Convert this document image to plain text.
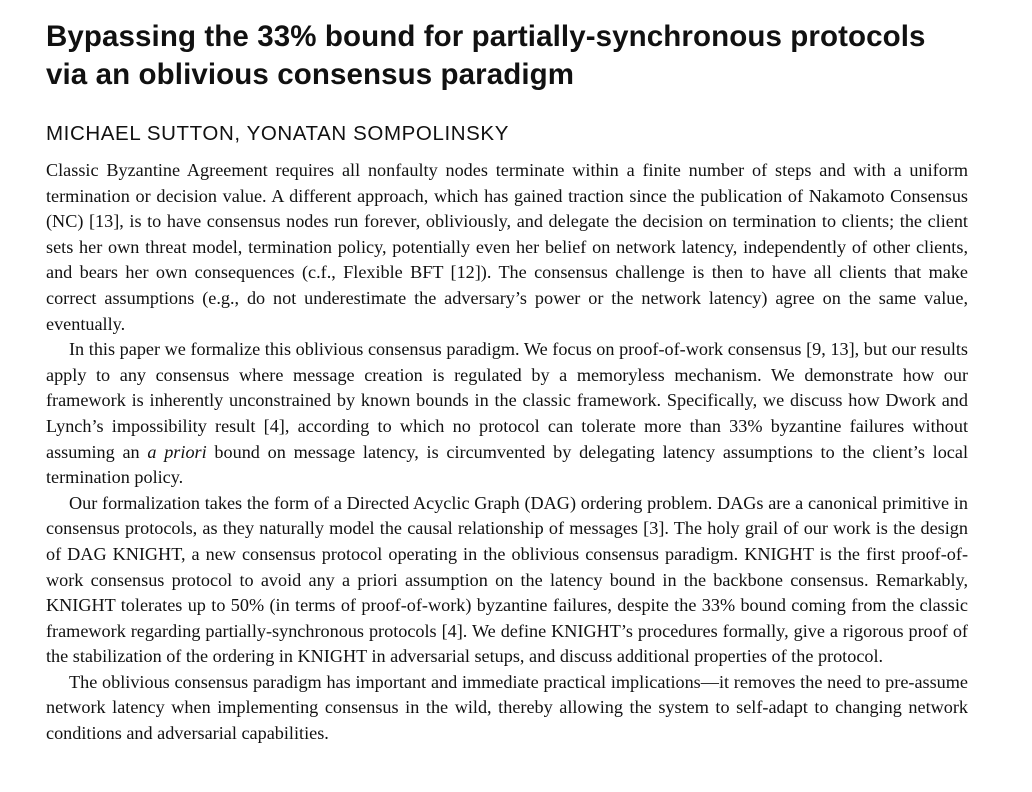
Bypassing the 33% bound for partially-synchronous protocols via an oblivious consensus paradigm
MICHAEL SUTTON, YONATAN SOMPOLINSKY

Classic Byzantine Agreement requires all nonfaulty nodes terminate within a finite number of steps and with a uniform termination or decision value. A different approach, which has gained traction since the publication of Nakamoto Consensus (NC) [13], is to have consensus nodes run forever, obliviously, and delegate the decision on termination to clients; the client sets her own threat model, termination policy, potentially even her belief on network latency, independently of other clients, and bears her own consequences (c.f., Flexible BFT [12]). The consensus challenge is then to have all clients that make correct assumptions (e.g., do not underestimate the adversary’s power or the network latency) agree on the same value, eventually.

In this paper we formalize this oblivious consensus paradigm. We focus on proof-of-work consensus [9, 13], but our results apply to any consensus where message creation is regulated by a memoryless mechanism. We demonstrate how our framework is inherently unconstrained by known bounds in the classic framework. Specifically, we discuss how Dwork and Lynch’s impossibility result [4], according to which no protocol can tolerate more than 33% byzantine failures without assuming an a priori bound on message latency, is circumvented by delegating latency assumptions to the client’s local termination policy.

Our formalization takes the form of a Directed Acyclic Graph (DAG) ordering problem. DAGs are a canonical primitive in consensus protocols, as they naturally model the causal relationship of messages [3]. The holy grail of our work is the design of DAG KNIGHT, a new consensus protocol operating in the oblivious consensus paradigm. KNIGHT is the first proof-of-work consensus protocol to avoid any a priori assumption on the latency bound in the backbone consensus. Remarkably, KNIGHT tolerates up to 50% (in terms of proof-of-work) byzantine failures, despite the 33% bound coming from the classic framework regarding partially-synchronous protocols [4]. We define KNIGHT’s procedures formally, give a rigorous proof of the stabilization of the ordering in KNIGHT in adversarial setups, and discuss additional properties of the protocol.

The oblivious consensus paradigm has important and immediate practical implications—it removes the need to pre-assume network latency when implementing consensus in the wild, thereby allowing the system to self-adapt to changing network conditions and adversarial capabilities.
